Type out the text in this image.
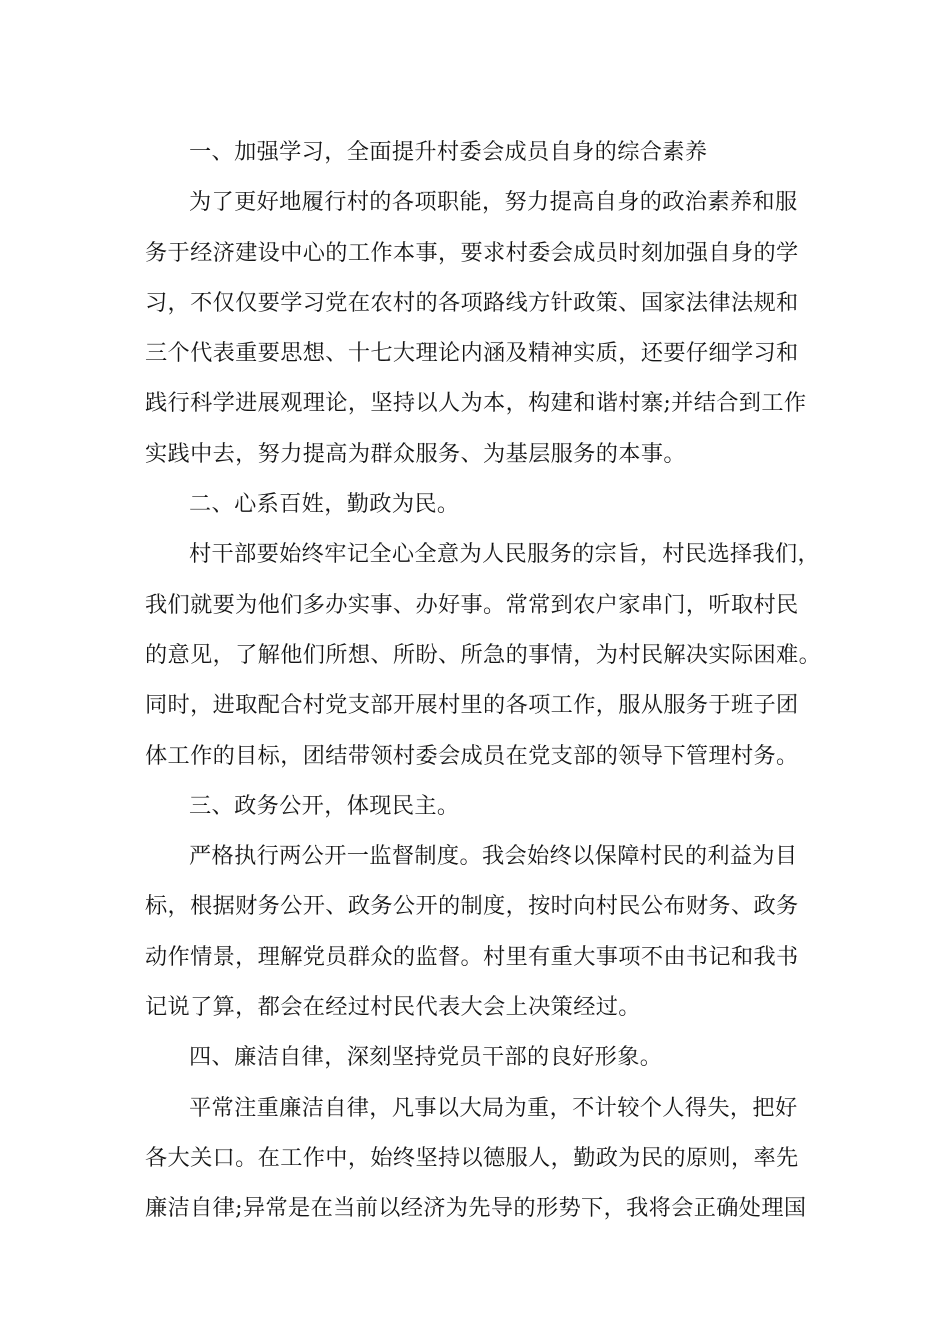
一、加强学习，全面提升村委会成员自身的综合素养
为了更好地履行村的各项职能，努力提高自身的政治素养和服
务于经济建设中心的工作本事，要求村委会成员时刻加强自身的学
习，不仅仅要学习党在农村的各项路线方针政策、国家法律法规和
三个代表重要思想、十七大理论内涵及精神实质，还要仔细学习和
践行科学进展观理论，坚持以人为本，构建和谐村寨;并结合到工作
实践中去，努力提高为群众服务、为基层服务的本事。
二、心系百姓，勤政为民。
村干部要始终牢记全心全意为人民服务的宗旨，村民选择我们，
我们就要为他们多办实事、办好事。常常到农户家串门，听取村民
的意见，了解他们所想、所盼、所急的事情，为村民解决实际困难。
同时，进取配合村党支部开展村里的各项工作，服从服务于班子团
体工作的目标，团结带领村委会成员在党支部的领导下管理村务。
三、政务公开，体现民主。
严格执行两公开一监督制度。我会始终以保障村民的利益为目
标，根据财务公开、政务公开的制度，按时向村民公布财务、政务
动作情景，理解党员群众的监督。村里有重大事项不由书记和我书
记说了算，都会在经过村民代表大会上决策经过。
四、廉洁自律，深刻坚持党员干部的良好形象。
平常注重廉洁自律，凡事以大局为重，不计较个人得失，把好
各大关口。在工作中，始终坚持以德服人，勤政为民的原则，率先
廉洁自律;异常是在当前以经济为先导的形势下，我将会正确处理国
